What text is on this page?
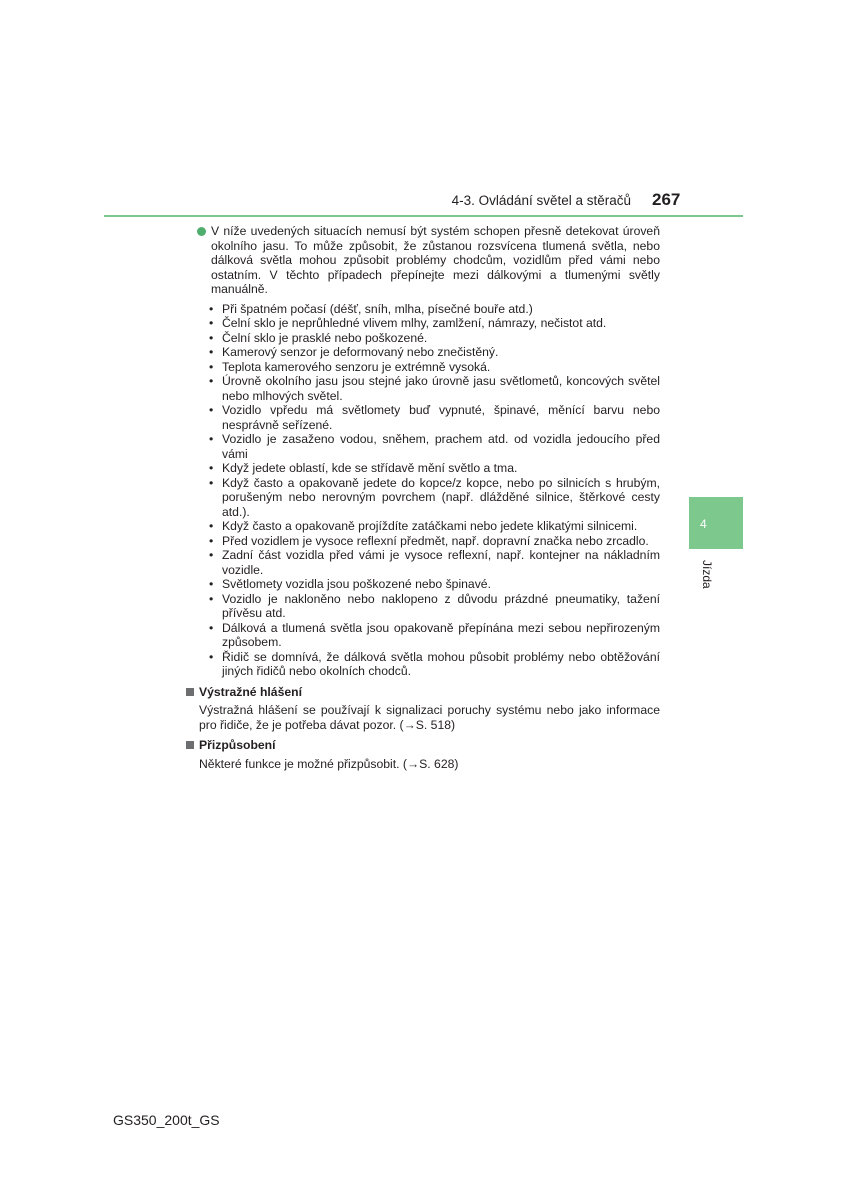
4-3. Ovládání světel a stěračů 267
V níže uvedených situacích nemusí být systém schopen přesně detekovat úroveň okolního jasu. To může způsobit, že zůstanou rozsvícena tlumená světla, nebo dálková světla mohou způsobit problémy chodcům, vozidlům před vámi nebo ostatním. V těchto případech přepínejte mezi dálkovými a tlumenými světly manuálně.
• Při špatném počasí (déšť, sníh, mlha, písečné bouře atd.)
• Čelní sklo je neprůhledné vlivem mlhy, zamlžení, námrazy, nečistot atd.
• Čelní sklo je prasklé nebo poškozené.
• Kamerový senzor je deformovaný nebo znečistěný.
• Teplota kamerového senzoru je extrémně vysoká.
• Úrovně okolního jasu jsou stejné jako úrovně jasu světlometů, koncových světel nebo mlhových světel.
• Vozidlo vpředu má světlomety buď vypnuté, špinavé, měnící barvu nebo nesprávně seřízené.
• Vozidlo je zasaženo vodou, sněhem, prachem atd. od vozidla jedoucího před vámi
• Když jedete oblastí, kde se střídavě mění světlo a tma.
• Když často a opakovaně jedete do kopce/z kopce, nebo po silnicích s hrubým, porušeným nebo nerovným povrchem (např. dlážděné silnice, štěrkové cesty atd.).
• Když často a opakovaně projíždíte zatáčkami nebo jedete klikatými silnicemi.
• Před vozidlem je vysoce reflexní předmět, např. dopravní značka nebo zrcadlo.
• Zadní část vozidla před vámi je vysoce reflexní, např. kontejner na nákladním vozidle.
• Světlomety vozidla jsou poškozené nebo špinavé.
• Vozidlo je nakloněno nebo naklopeno z důvodu prázdné pneumatiky, tažení přívěsu atd.
• Dálková a tlumená světla jsou opakovaně přepínána mezi sebou nepřirozeným způsobem.
• Řidič se domnívá, že dálková světla mohou působit problémy nebo obtěžování jiných řidičů nebo okolních chodců.
Výstražné hlášení
Výstražná hlášení se používají k signalizaci poruchy systému nebo jako informace pro řidiče, že je potřeba dávat pozor. (→S. 518)
Přizpůsobení
Některé funkce je možné přizpůsobit. (→S. 628)
4
Jízda
GS350_200t_GS
